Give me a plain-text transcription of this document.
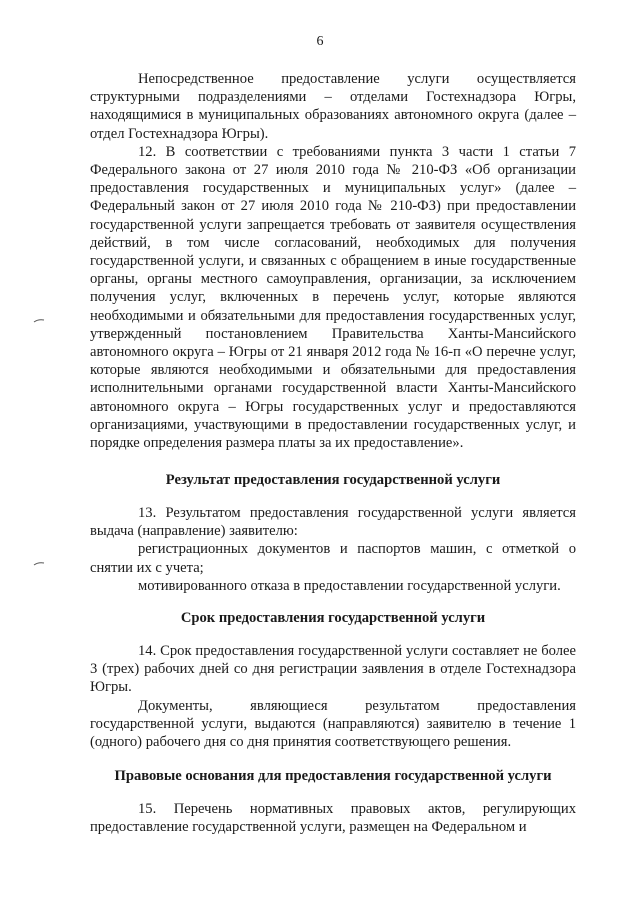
6

Непосредственное предоставление услуги осуществляется структурными подразделениями – отделами Гостехнадзора Югры, находящимися в муниципальных образованиях автономного округа (далее – отдел Гостехнадзора Югры).

12. В соответствии с требованиями пункта 3 части 1 статьи 7 Федерального закона от 27 июля 2010 года № 210-ФЗ «Об организации предоставления государственных и муниципальных услуг» (далее – Федеральный закон от 27 июля 2010 года № 210-ФЗ) при предоставлении государственной услуги запрещается требовать от заявителя осуществления действий, в том числе согласований, необходимых для получения государственной услуги, и связанных с обращением в иные государственные органы, органы местного самоуправления, организации, за исключением получения услуг, включенных в перечень услуг, которые являются необходимыми и обязательными для предоставления государственных услуг, утвержденный постановлением Правительства Ханты-Мансийского автономного округа – Югры от 21 января 2012 года № 16-п «О перечне услуг, которые являются необходимыми и обязательными для предоставления исполнительными органами государственной власти Ханты-Мансийского автономного округа – Югры государственных услуг и предоставляются организациями, участвующими в предоставлении государственных услуг, и порядке определения размера платы за их предоставление».

Результат предоставления государственной услуги

13. Результатом предоставления государственной услуги является выдача (направление) заявителю:

регистрационных документов и паспортов машин, с отметкой о снятии их с учета;

мотивированного отказа в предоставлении государственной услуги.

Срок предоставления государственной услуги

14. Срок предоставления государственной услуги составляет не более 3 (трех) рабочих дней со дня регистрации заявления в отделе Гостехнадзора Югры.

Документы, являющиеся результатом предоставления государственной услуги, выдаются (направляются) заявителю в течение 1 (одного) рабочего дня со дня принятия соответствующего решения.

Правовые основания для предоставления государственной услуги

15. Перечень нормативных правовых актов, регулирующих предоставление государственной услуги, размещен на Федеральном и
